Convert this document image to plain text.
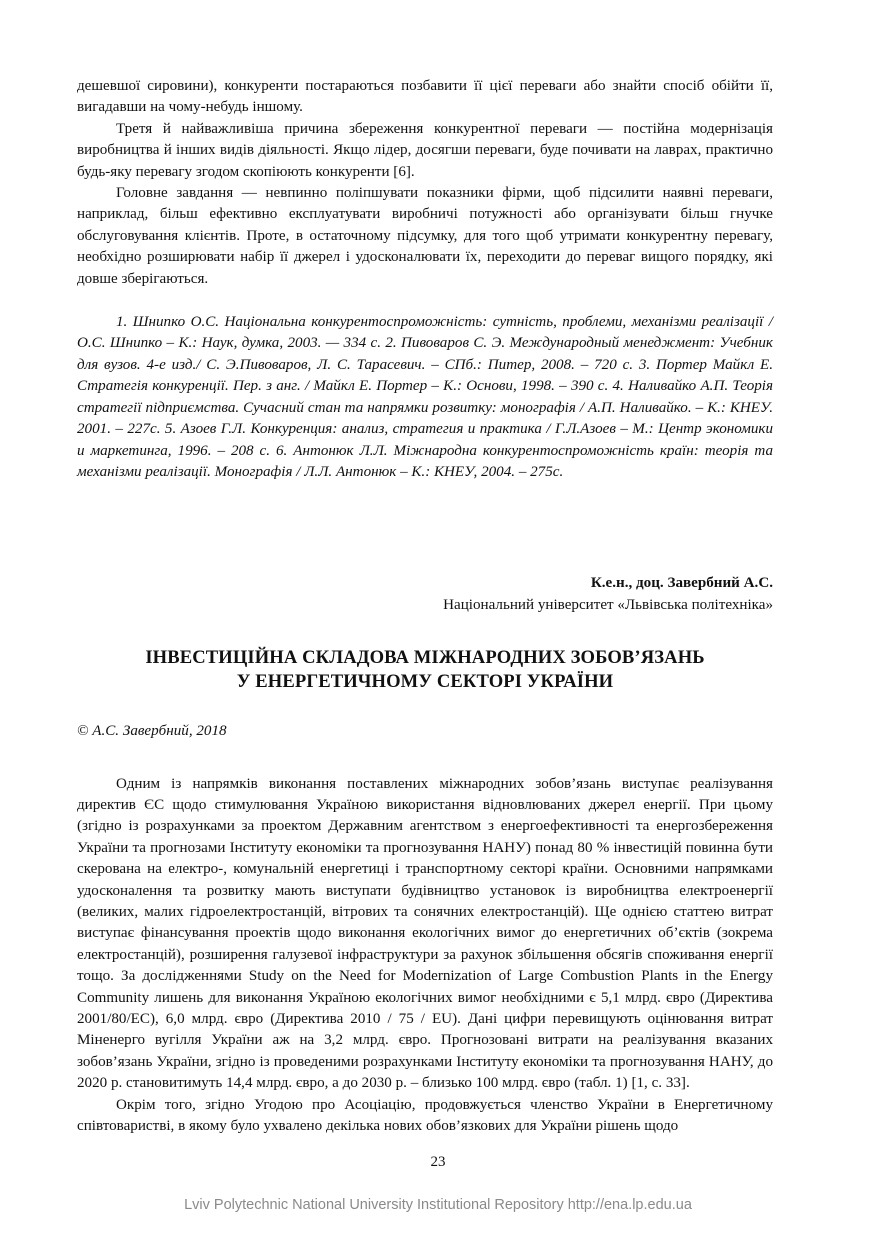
дешевшої сировини), конкуренти постараються позбавити її цієї переваги або знайти спосіб обійти її, вигадавши на чому-небудь іншому.

Третя й найважливіша причина збереження конкурентної переваги — постійна модернізація виробництва й інших видів діяльності. Якщо лідер, досягши переваги, буде почивати на лаврах, практично будь-яку перевагу згодом скопіюють конкуренти [6].

Головне завдання — невпинно поліпшувати показники фірми, щоб підсилити наявні переваги, наприклад, більш ефективно експлуатувати виробничі потужності або організувати більш гнучке обслуговування клієнтів. Проте, в остаточному підсумку, для того щоб утримати конкурентну перевагу, необхідно розширювати набір її джерел і удосконалювати їх, переходити до переваг вищого порядку, які довше зберігаються.

1. Шнипко О.С. Національна конкурентоспроможність: сутність, проблеми, механізми реалізації / О.С. Шнипко – К.: Наук, думка, 2003. — 334 с. 2. Пивоваров С. Э. Международный менеджмент: Учебник для вузов. 4-е изд./ С. Э.Пивоваров, Л. С. Тарасевич. – СПб.: Питер, 2008. – 720 с. 3. Портер Майкл Е. Стратегія конкуренції. Пер. з анг. / Майкл Е. Портер – К.: Основи, 1998. – 390 с. 4. Наливайко А.П. Теорія стратегії підприємства. Сучасний стан та напрямки розвитку: монографія / А.П. Наливайко. – К.: КНЕУ. 2001. – 227с. 5. Азоев Г.Л. Конкуренция: анализ, стратегия и практика / Г.Л.Азоев – М.: Центр экономики и маркетинга, 1996. – 208 с. 6. Антонюк Л.Л. Міжнародна конкурентоспроможність країн: теорія та механізми реалізації. Монографія / Л.Л. Антонюк – К.: КНЕУ, 2004. – 275с.

К.е.н., доц. Завербний А.С.
Національний університет «Львівська політехніка»
ІНВЕСТИЦІЙНА СКЛАДОВА МІЖНАРОДНИХ ЗОБОВ’ЯЗАНЬ
У ЕНЕРГЕТИЧНОМУ СЕКТОРІ УКРАЇНИ

© А.С. Завербний, 2018

Одним із напрямків виконання поставлених міжнародних зобов’язань виступає реалізування директив ЄС щодо стимулювання Україною використання відновлюваних джерел енергії. При цьому (згідно із розрахунками за проектом Державним агентством з енергоефективності та енергозбереження України та прогнозами Інституту економіки та прогнозування НАНУ) понад 80 % інвестицій повинна бути скерована на електро-, комунальній енергетиці і транспортному секторі країни. Основними напрямками удосконалення та розвитку мають виступати будівництво установок із виробництва електроенергії (великих, малих гідроелектростанцій, вітрових та сонячних електростанцій). Ще однією статтею витрат виступає фінансування проектів щодо виконання екологічних вимог до енергетичних об’єктів (зокрема електростанцій), розширення галузевої інфраструктури за рахунок збільшення обсягів споживання енергії тощо. За дослідженнями Study on the Need for Modernization of Large Combustion Plants in the Energy Community лишень для виконання Україною екологічних вимог необхідними є 5,1 млрд. євро (Директива 2001/80/ЕС), 6,0 млрд. євро (Директива 2010 / 75 / EU). Дані цифри перевищують оцінювання витрат Міненерго вугілля України аж на 3,2 млрд. євро. Прогнозовані витрати на реалізування вказаних зобов’язань України, згідно із проведеними розрахунками Інституту економіки та прогнозування НАНУ, до 2020 р. становитимуть 14,4 млрд. євро, а до 2030 р. – близько 100 млрд. євро (табл. 1) [1, с. 33].

Окрім того, згідно Угодою про Асоціацію, продовжується членство України в Енергетичному співтоваристві, в якому було ухвалено декілька нових обов’язкових для України рішень щодо

23
Lviv Polytechnic National University Institutional Repository http://ena.lp.edu.ua
